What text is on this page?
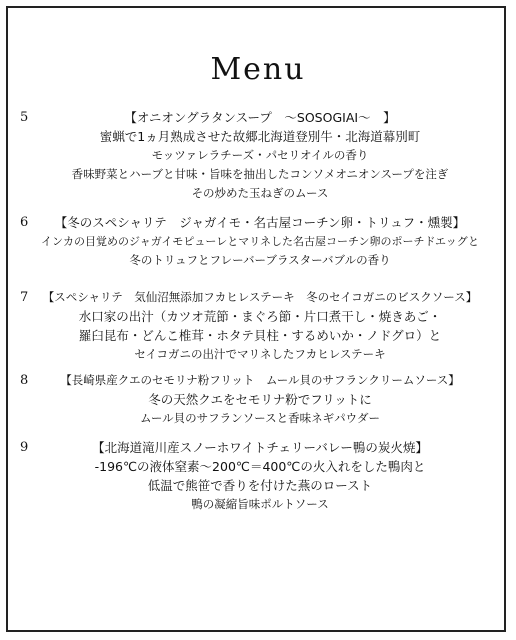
Menu
5	【オニオングラタンスープ　～SOSOGIAI～　】
蜜蝋で1ヵ月熟成させた故郷北海道登別牛・北海道幕別町
モッツァレラチーズ・パセリオイルの香り
香味野菜とハーブと甘味・旨味を抽出したコンソメオニオンスープを注ぎ
その炒めた玉ねぎのムース
6	【冬のスペシャリテ　ジャガイモ・名古屋コーチン卵・トリュフ・燻製】
インカの目覚めのジャガイモピューレとマリネした名古屋コーチン卵のポーチドエッグと
冬のトリュフとフレーバーブラスターバブルの香り
7 【スペシャリテ　気仙沼無添加フカヒレステーキ　冬のセイコガニのビスクソース】
水口家の出汁（カツオ荒節・まぐろ節・片口煮干し・焼きあご・
羅臼昆布・どんこ椎茸・ホタテ貝柱・するめいか・ノドグロ）と
セイコガニの出汁でマリネしたフカヒレステーキ
8	【長崎県産クエのセモリナ粉フリット　ムール貝のサフランクリームソース】
冬の天然クエをセモリナ粉でフリットに
ムール貝のサフランソースと香味ネギパウダー
9	【北海道滝川産スノーホワイトチェリーバレー鴨の炭火焼】
-196℃の液体窒素～200℃＝400℃の火入れをした鴨肉と
低温で熊笹で香りを付けた燕のロースト
鴨の凝縮旨味ポルトソース
